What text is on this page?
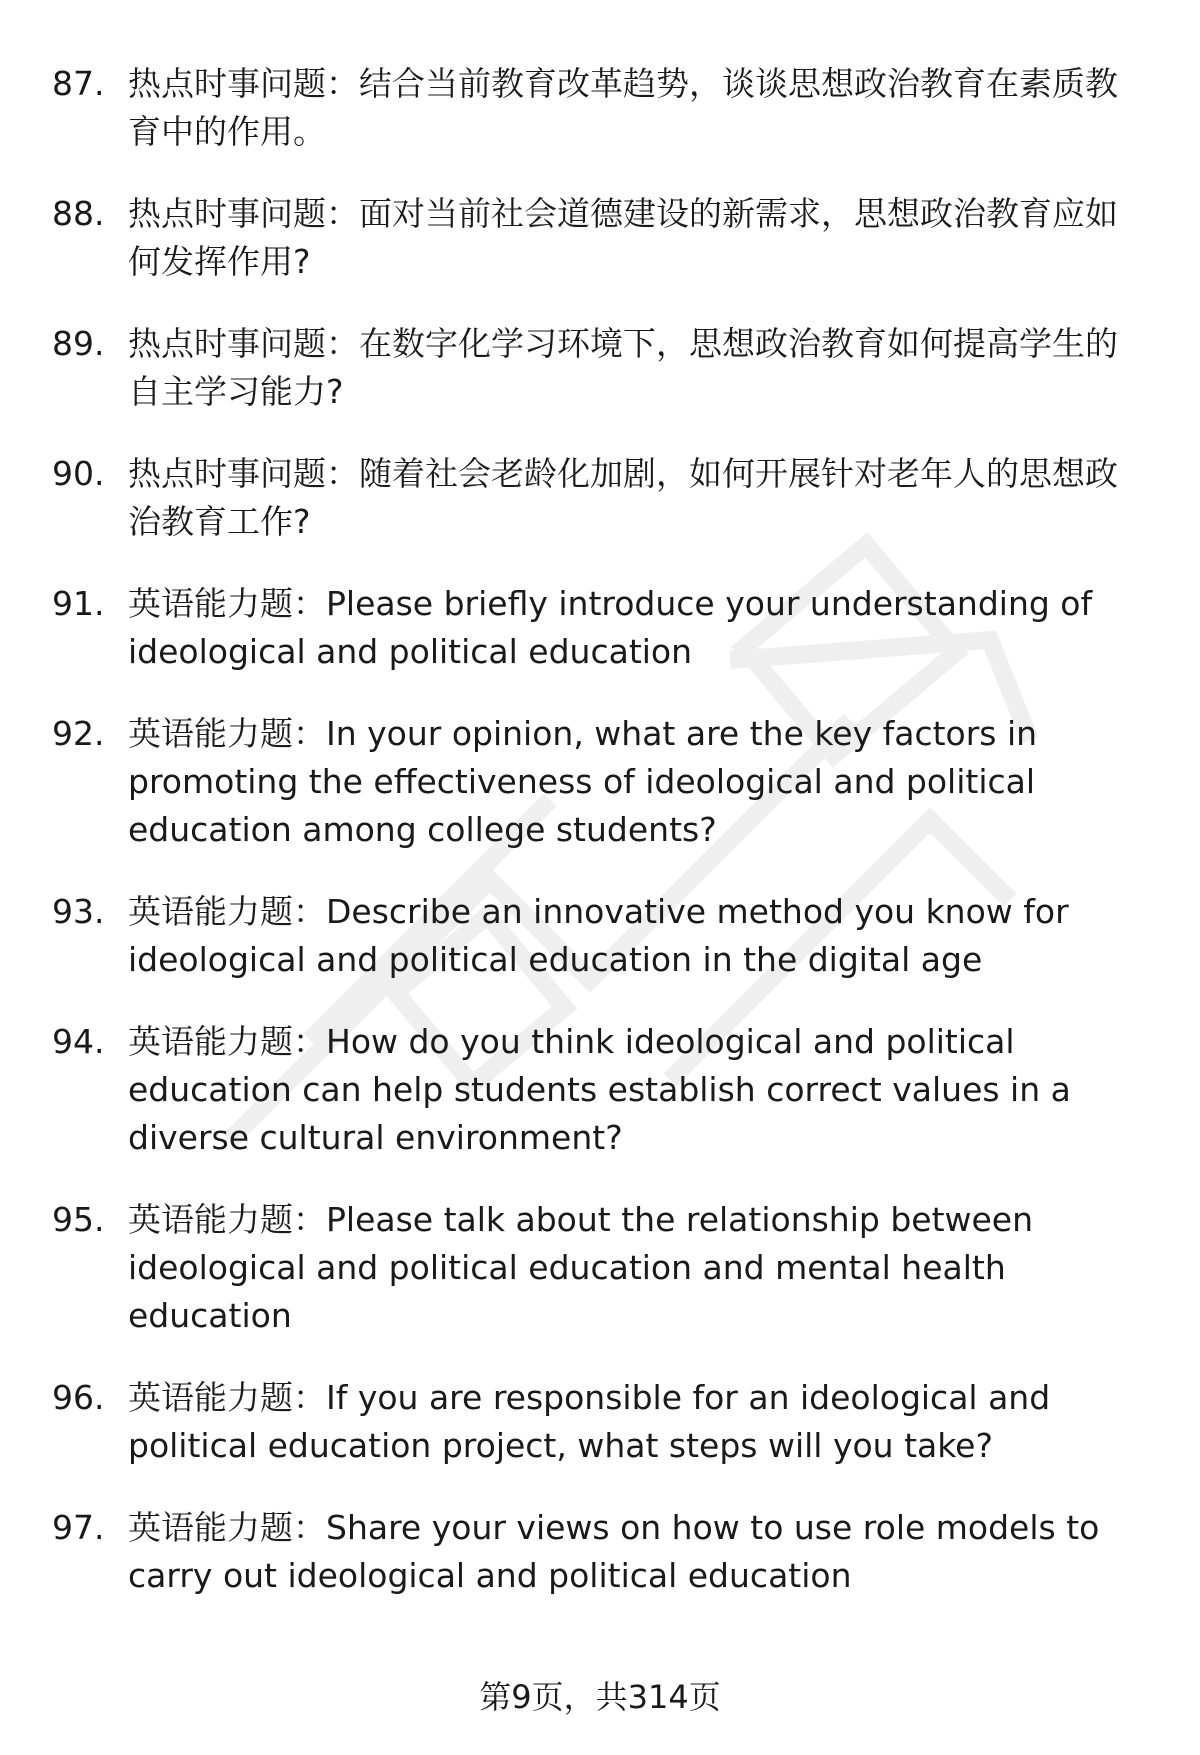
87. 热点时事问题：结合当前教育改革趋势，谈谈思想政治教育在素质教育中的作用。
88. 热点时事问题：面对当前社会道德建设的新需求，思想政治教育应如何发挥作用?
89. 热点时事问题：在数字化学习环境下，思想政治教育如何提高学生的自主学习能力?
90. 热点时事问题：随着社会老龄化加剧，如何开展针对老年人的思想政治教育工作?
91. 英语能力题：Please briefly introduce your understanding of ideological and political education
92. 英语能力题：In your opinion, what are the key factors in promoting the effectiveness of ideological and political education among college students?
93. 英语能力题：Describe an innovative method you know for ideological and political education in the digital age
94. 英语能力题：How do you think ideological and political education can help students establish correct values in a diverse cultural environment?
95. 英语能力题：Please talk about the relationship between ideological and political education and mental health education
96. 英语能力题：If you are responsible for an ideological and political education project, what steps will you take?
97. 英语能力题：Share your views on how to use role models to carry out ideological and political education
第9页，共314页
